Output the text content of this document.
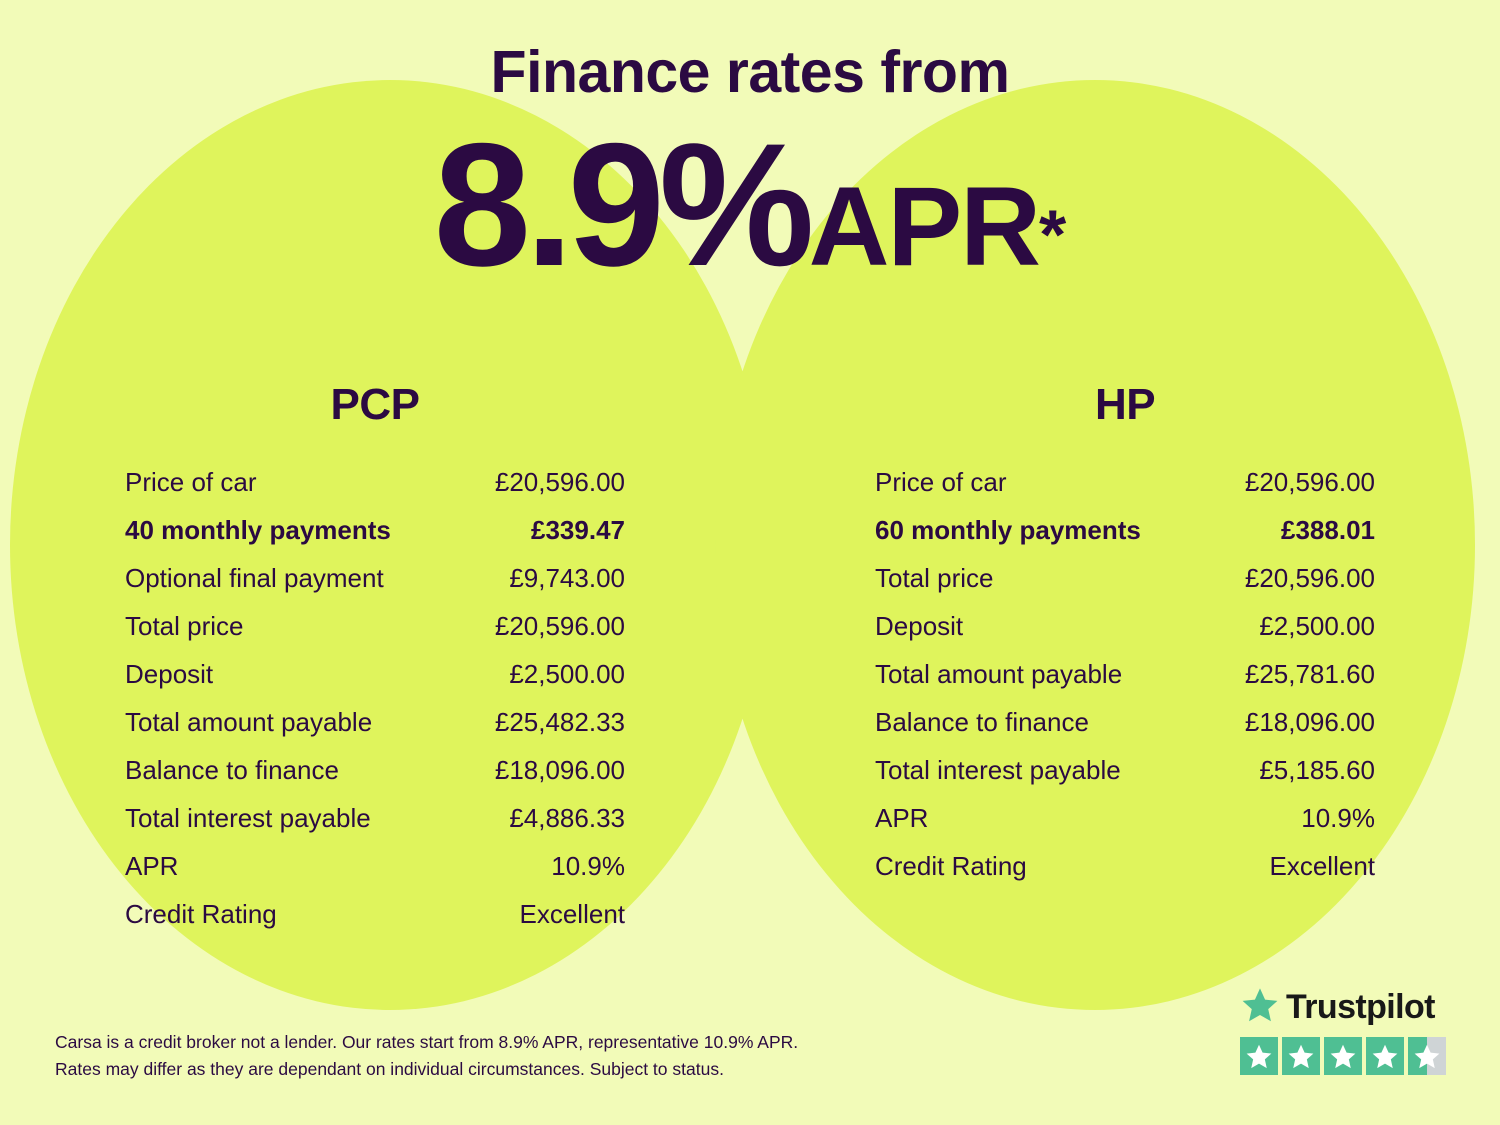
Finance rates from
8.9%APR*
PCP
Price of car	£20,596.00
40 monthly payments	£339.47
Optional final payment	£9,743.00
Total price	£20,596.00
Deposit	£2,500.00
Total amount payable	£25,482.33
Balance to finance	£18,096.00
Total interest payable	£4,886.33
APR	10.9%
Credit Rating	Excellent
HP
Price of car	£20,596.00
60 monthly payments	£388.01
Total price	£20,596.00
Deposit	£2,500.00
Total amount payable	£25,781.60
Balance to finance	£18,096.00
Total interest payable	£5,185.60
APR	10.9%
Credit Rating	Excellent
Carsa is a credit broker not a lender. Our rates start from 8.9% APR, representative 10.9% APR.
Rates may differ as they are dependant on individual circumstances. Subject to status.
Trustpilot
